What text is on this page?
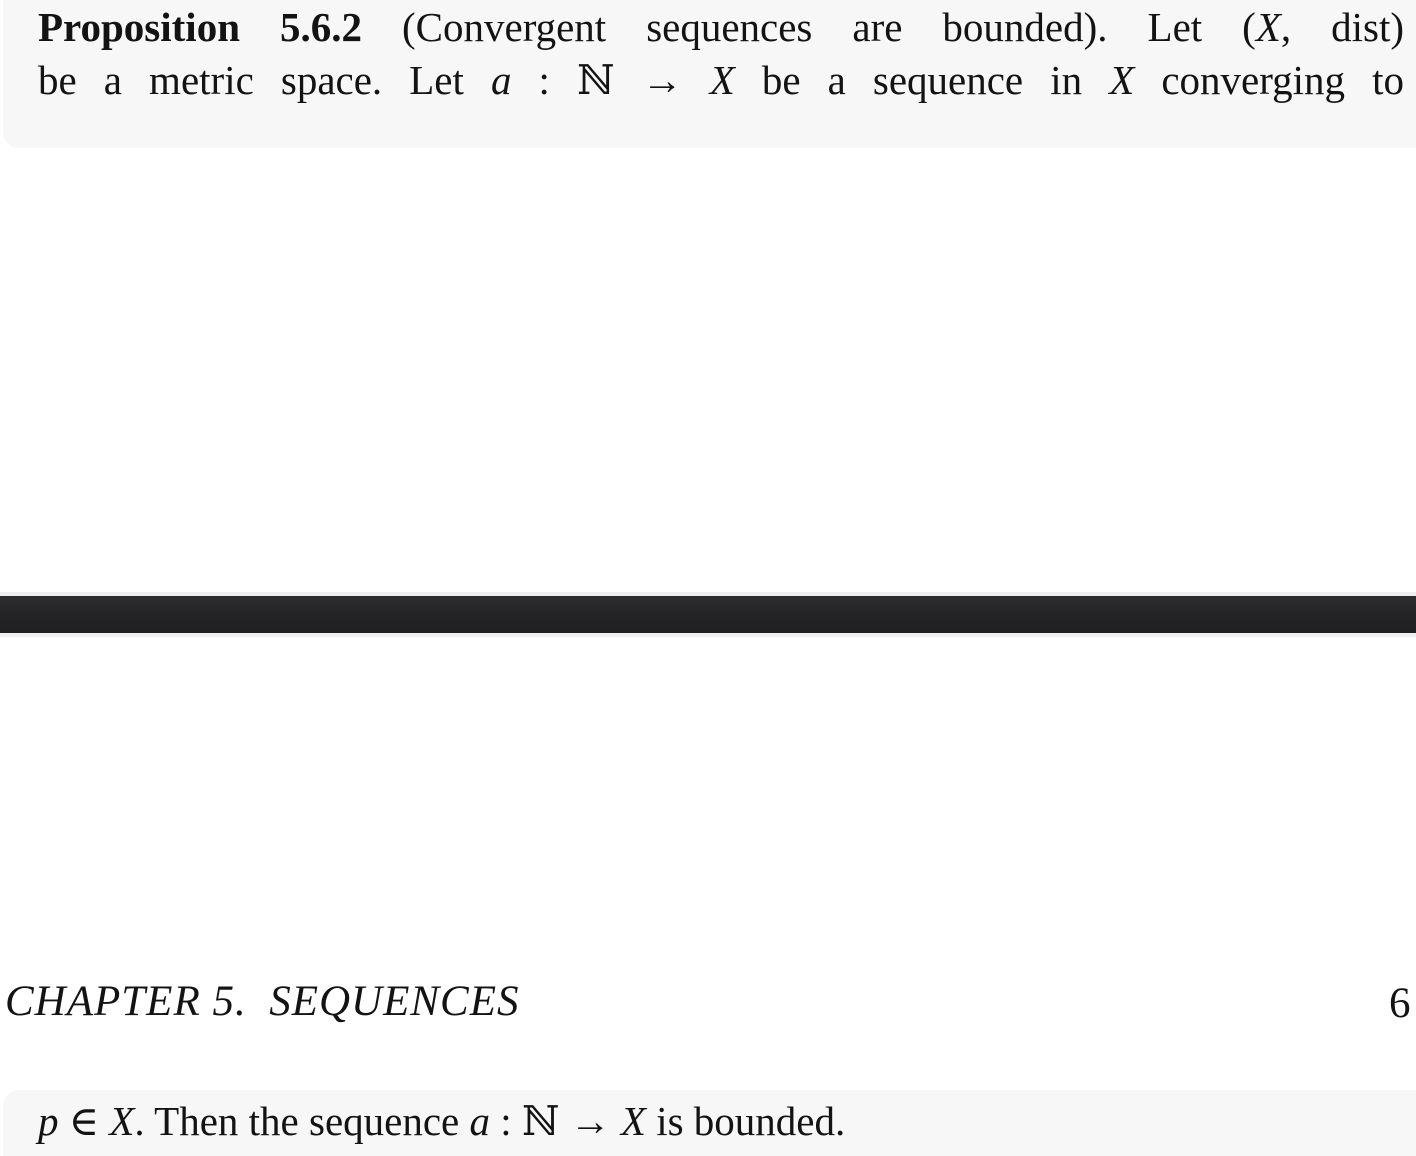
Proposition 5.6.2 (Convergent sequences are bounded). Let (X, dist)
be a metric space. Let a : ℕ → X be a sequence in X converging to
CHAPTER 5. SEQUENCES	6
p ∈ X. Then the sequence a : ℕ → X is bounded.
